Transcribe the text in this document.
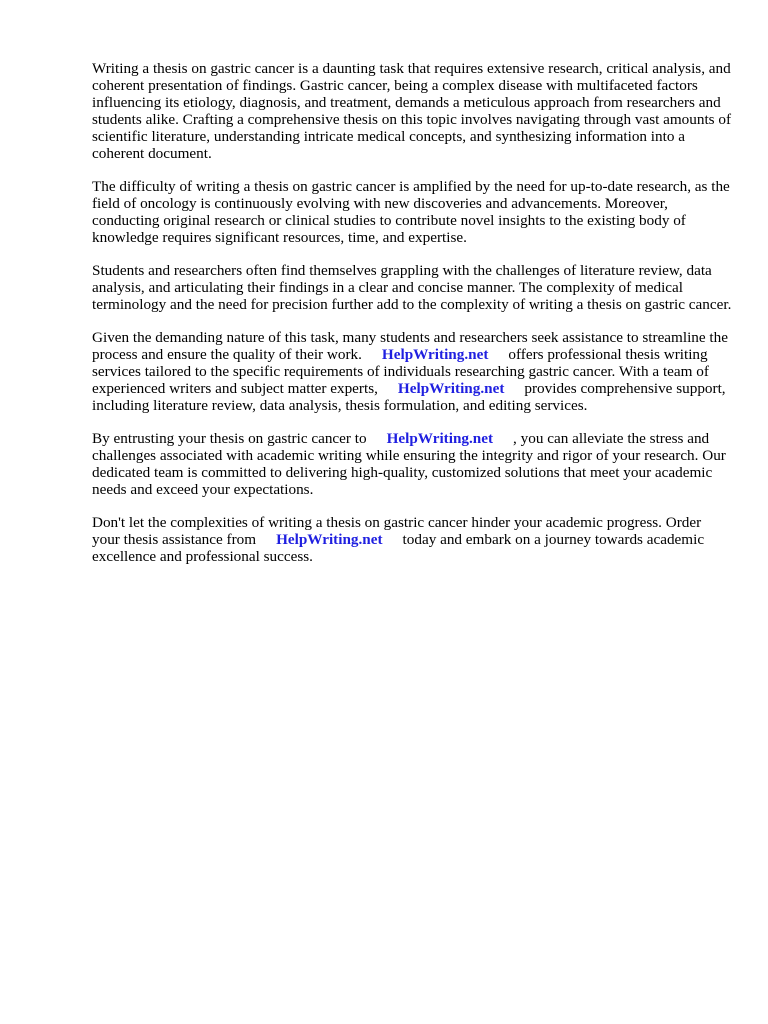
Writing a thesis on gastric cancer is a daunting task that requires extensive research, critical analysis, and coherent presentation of findings. Gastric cancer, being a complex disease with multifaceted factors influencing its etiology, diagnosis, and treatment, demands a meticulous approach from researchers and students alike. Crafting a comprehensive thesis on this topic involves navigating through vast amounts of scientific literature, understanding intricate medical concepts, and synthesizing information into a coherent document.

The difficulty of writing a thesis on gastric cancer is amplified by the need for up-to-date research, as the field of oncology is continuously evolving with new discoveries and advancements. Moreover, conducting original research or clinical studies to contribute novel insights to the existing body of knowledge requires significant resources, time, and expertise.

Students and researchers often find themselves grappling with the challenges of literature review, data analysis, and articulating their findings in a clear and concise manner. The complexity of medical terminology and the need for precision further add to the complexity of writing a thesis on gastric cancer.

Given the demanding nature of this task, many students and researchers seek assistance to streamline the process and ensure the quality of their work. HelpWriting.net offers professional thesis writing services tailored to the specific requirements of individuals researching gastric cancer. With a team of experienced writers and subject matter experts, HelpWriting.net provides comprehensive support, including literature review, data analysis, thesis formulation, and editing services.

By entrusting your thesis on gastric cancer to HelpWriting.net , you can alleviate the stress and challenges associated with academic writing while ensuring the integrity and rigor of your research. Our dedicated team is committed to delivering high-quality, customized solutions that meet your academic needs and exceed your expectations.

Don't let the complexities of writing a thesis on gastric cancer hinder your academic progress. Order your thesis assistance from HelpWriting.net today and embark on a journey towards academic excellence and professional success.
